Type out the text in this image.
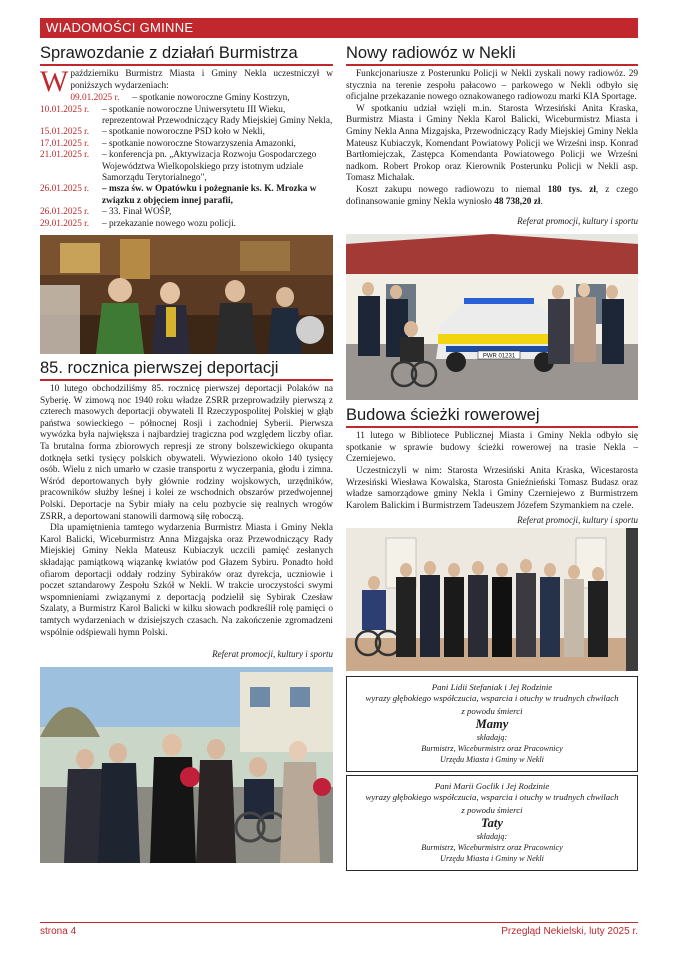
WIADOMOŚCI GMINNE
Sprawozdanie z działań Burmistrza

Wpaździerniku Burmistrz Miasta i Gminy Nekla uczestniczył w poniższych wydarzeniach:

09.01.2025 r.	– spotkanie noworoczne Gminy Kostrzyn,
10.01.2025 r.	– spotkanie noworoczne Uniwersytetu III Wieku, reprezentował Przewodniczący Rady Miejskiej Gminy Nekla,
15.01.2025 r.	– spotkanie noworoczne PSD koło w Nekli,
17.01.2025 r.	– spotkanie noworoczne Stowarzyszenia Amazonki,
21.01.2025 r.	– konferencja pn. „Aktywizacja Rozwoju Gospodarczego Województwa Wielkopolskiego przy istotnym udziale Samorządu Terytorialnego",
26.01.2025 r.	– msza św. w Opatówku i pożegnanie ks. K. Mrozka w związku z objęciem innej parafii,
26.01.2025 r.	– 33. Finał WOŚP,
29.01.2025 r.	– przekazanie nowego wozu policji.
85. rocznica pierwszej deportacji

10 lutego obchodziliśmy 85. rocznicę pierwszej deportacji Polaków na Syberię. W zimową noc 1940 roku władze ZSRR przeprowadziły pierwszą z czterech masowych deportacji obywateli II Rzeczypospolitej Polskiej w głąb państwa sowieckiego – północnej Rosji i zachodniej Syberii. Pierwsza wywózka była największa i najbardziej tragiczna pod względem liczby ofiar. Ta brutalna forma zbiorowych represji ze strony bolszewickiego okupanta dotknęła setki tysięcy polskich obywateli. Wywieziono około 140 tysięcy osób. Wielu z nich umarło w czasie transportu z wyczerpania, głodu i zimna. Wśród deportowanych były głównie rodziny wojskowych, urzędników, pracowników służby leśnej i kolei ze wschodnich obszarów przedwojennej Polski. Deportacje na Sybir miały na celu pozbycie się realnych wrogów ZSRR, a deportowani stanowili darmową siłę roboczą.

Dla upamiętnienia tamtego wydarzenia Burmistrz Miasta i Gminy Nekla Karol Balicki, Wiceburmistrz Anna Mizgajska oraz Przewodniczący Rady Miejskiej Gminy Nekla Mateusz Kubiaczyk uczcili pamięć zesłanych składając pamiątkową wiązankę kwiatów pod Głazem Sybiru. Ponadto hołd ofiarom deportacji oddały rodziny Sybiraków oraz dyrekcja, uczniowie i poczet sztandarowy Zespołu Szkół w Nekli. W trakcie uroczystości swymi wspomnieniami związanymi z deportacją podzielił się Sybirak Czesław Szalaty, a Burmistrz Karol Balicki w kilku słowach podkreślił rolę pamięci o tamtych wydarzeniach w dzisiejszych czasach. Na zakończenie zgromadzeni wspólnie odśpiewali hymn Polski.

Referat promocji, kultury i sportu
Nowy radiowóz w Nekli

Funkcjonariusze z Posterunku Policji w Nekli zyskali nowy radiowóz. 29 stycznia na terenie zespołu pałacowo – parkowego w Nekli odbyło się oficjalne przekazanie nowego oznakowanego radiowozu marki KIA Sportage.

W spotkaniu udział wzięli m.in. Starosta Wrzesiński Anita Kraska, Burmistrz Miasta i Gminy Nekla Karol Balicki, Wiceburmistrz Miasta i Gminy Nekla Anna Mizgajska, Przewodniczący Rady Miejskiej Gminy Nekla Mateusz Kubiaczyk, Komendant Powiatowy Policji we Wrześni insp. Konrad Bartłomiejczak, Zastępca Komendanta Powiatowego Policji we Wrześni nadkom. Robert Prokop oraz Kierownik Posterunku Policji w Nekli asp. Tomasz Michalak.

Koszt zakupu nowego radiowozu to niemal 180 tys. zł, z czego dofinansowanie gminy Nekla wyniosło 48 738,20 zł.

Referat promocji, kultury i sportu
PWR 01231
Budowa ścieżki rowerowej

11 lutego w Bibliotece Publicznej Miasta i Gminy Nekla odbyło się spotkanie w sprawie budowy ścieżki rowerowej na trasie Nekla – Czerniejewo.

Uczestniczyli w nim: Starosta Wrzesiński Anita Kraska, Wicestarosta Wrzesiński Wiesława Kowalska, Starosta Gnieźnieński Tomasz Budasz oraz władze samorządowe gminy Nekla i Gminy Czerniejewo z Burmistrzem Karolem Balickim i Burmistrzem Tadeuszem Józefem Szymankiem na czele.

Referat promocji, kultury i sportu
Pani Lidii Stefaniak i Jej Rodzinie
wyrazy głębokiego współczucia, wsparcia i otuchy w trudnych chwilach
z powodu śmierci
Mamy
składają:
Burmistrz, Wiceburmistrz oraz Pracownicy
Urzędu Miasta i Gminy w Nekli
Pani Marii Goclik i Jej Rodzinie
wyrazy głębokiego współczucia, wsparcia i otuchy w trudnych chwilach
z powodu śmierci
Taty
składają:
Burmistrz, Wiceburmistrz oraz Pracownicy
Urzędu Miasta i Gminy w Nekli
strona 4	Przegląd Nekielski, luty 2025 r.
